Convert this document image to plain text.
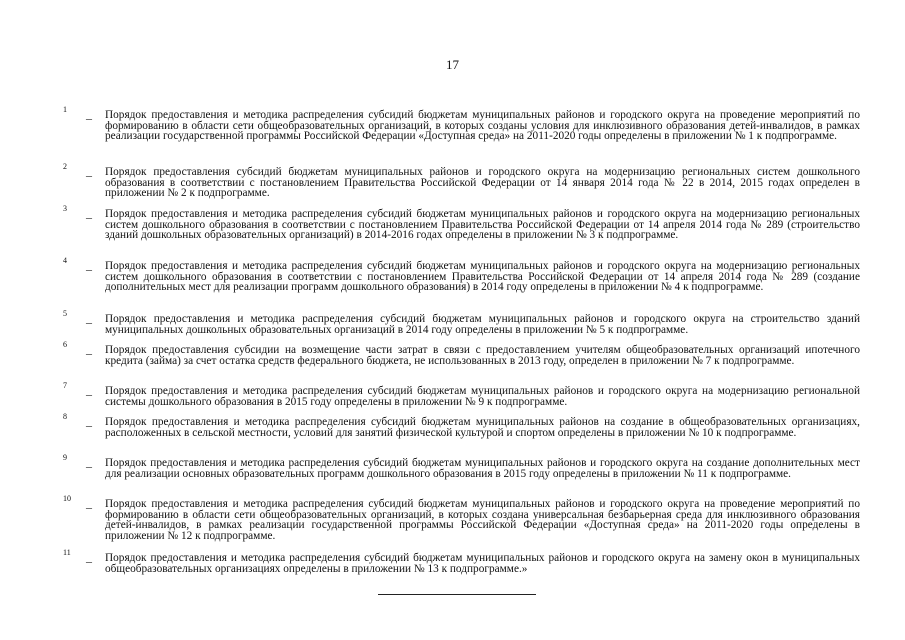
17
1
– Порядок предоставления и методика распределения субсидий бюджетам муниципальных районов и городского округа на проведение мероприятий по формированию в области сети общеобразовательных организаций, в которых созданы условия для инклюзивного образования детей-инвалидов, в рамках реализации государственной программы Российской Федерации «Доступная среда» на 2011-2020 годы определены в приложении № 1 к подпрограмме.
2
– Порядок предоставления субсидий бюджетам муниципальных районов и городского округа на модернизацию региональных систем дошкольного образования в соответствии с постановлением Правительства Российской Федерации от 14 января 2014 года № 22 в 2014, 2015 годах определен в приложении № 2 к подпрограмме.
3
– Порядок предоставления и методика распределения субсидий бюджетам муниципальных районов и городского округа на модернизацию региональных систем дошкольного образования в соответствии с постановлением Правительства Российской Федерации от 14 апреля 2014 года № 289 (строительство зданий дошкольных образовательных организаций) в 2014-2016 годах определены в приложении № 3 к подпрограмме.
4
– Порядок предоставления и методика распределения субсидий бюджетам муниципальных районов и городского округа на модернизацию региональных систем дошкольного образования в соответствии с постановлением Правительства Российской Федерации от 14 апреля 2014 года № 289 (создание дополнительных мест для реализации программ дошкольного образования) в 2014 году определены в приложении № 4 к подпрограмме.
5
– Порядок предоставления и методика распределения субсидий бюджетам муниципальных районов и городского округа на строительство зданий муниципальных дошкольных образовательных организаций в 2014 году определены в приложении № 5 к подпрограмме.
6
– Порядок предоставления субсидии на возмещение части затрат в связи с предоставлением учителям общеобразовательных организаций ипотечного кредита (займа) за счет остатка средств федерального бюджета, не использованных в 2013 году, определен в приложении № 7 к подпрограмме.
7
– Порядок предоставления и методика распределения субсидий бюджетам муниципальных районов и городского округа на модернизацию региональной системы дошкольного образования в 2015 году определены в приложении № 9 к подпрограмме.
8
– Порядок предоставления и методика распределения субсидий бюджетам муниципальных районов на создание в общеобразовательных организациях, расположенных в сельской местности, условий для занятий физической культурой и спортом определены в приложении № 10 к подпрограмме.
9
– Порядок предоставления и методика распределения субсидий бюджетам муниципальных районов и городского округа на создание дополнительных мест для реализации основных образовательных программ дошкольного образования в 2015 году определены в приложении № 11 к подпрограмме.
10
– Порядок предоставления и методика распределения субсидий бюджетам муниципальных районов и городского округа на проведение мероприятий по формированию в области сети общеобразовательных организаций, в которых создана универсальная безбарьерная среда для инклюзивного образования детей-инвалидов, в рамках реализации государственной программы Российской Федерации «Доступная среда» на 2011-2020 годы определены в приложении № 12 к подпрограмме.
11
– Порядок предоставления и методика распределения субсидий бюджетам муниципальных районов и городского округа на замену окон в муниципальных общеобразовательных организациях определены в приложении № 13 к подпрограмме.»
